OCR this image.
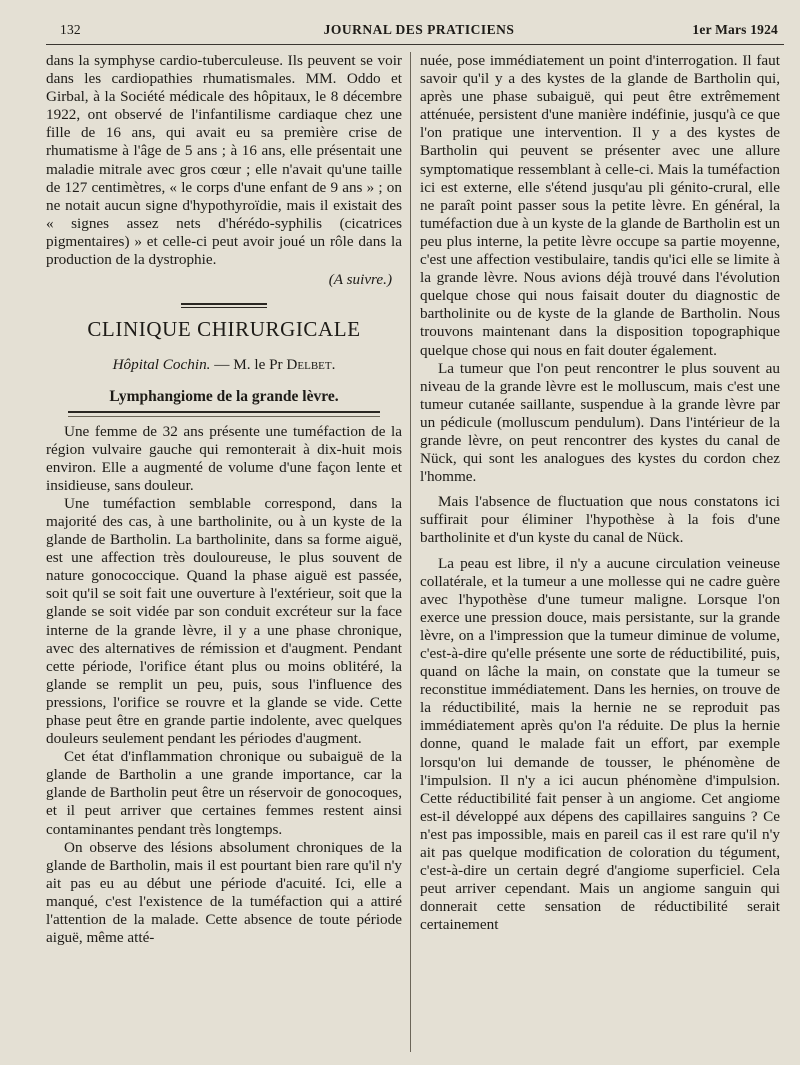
132	JOURNAL DES PRATICIENS	1er Mars 1924

dans la symphyse cardio-tuberculeuse. Ils peuvent se voir dans les cardiopathies rhumatismales. MM. Oddo et Girbal, à la Société médicale des hôpitaux, le 8 décembre 1922, ont observé de l'infantilisme cardiaque chez une fille de 16 ans, qui avait eu sa première crise de rhumatisme à l'âge de 5 ans ; à 16 ans, elle présentait une maladie mitrale avec gros cœur ; elle n'avait qu'une taille de 127 centimètres, « le corps d'une enfant de 9 ans » ; on ne notait aucun signe d'hypothyroïdie, mais il existait des « signes assez nets d'hérédo-syphilis (cicatrices pigmentaires) » et celle-ci peut avoir joué un rôle dans la production de la dystrophie.

(A suivre.)
CLINIQUE CHIRURGICALE
Hôpital Cochin. — M. le Pr Delbet.
Lymphangiome de la grande lèvre.

Une femme de 32 ans présente une tuméfaction de la région vulvaire gauche qui remonterait à dix-huit mois environ. Elle a augmenté de volume d'une façon lente et insidieuse, sans douleur.

Une tuméfaction semblable correspond, dans la majorité des cas, à une bartholinite, ou à un kyste de la glande de Bartholin. La bartholinite, dans sa forme aiguë, est une affection très douloureuse, le plus souvent de nature gonococcique. Quand la phase aiguë est passée, soit qu'il se soit fait une ouverture à l'extérieur, soit que la glande se soit vidée par son conduit excréteur sur la face interne de la grande lèvre, il y a une phase chronique, avec des alternatives de rémission et d'augment. Pendant cette période, l'orifice étant plus ou moins oblitéré, la glande se remplit un peu, puis, sous l'influence des pressions, l'orifice se rouvre et la glande se vide. Cette phase peut être en grande partie indolente, avec quelques douleurs seulement pendant les périodes d'augment.

Cet état d'inflammation chronique ou subaiguë de la glande de Bartholin a une grande importance, car la glande de Bartholin peut être un réservoir de gonocoques, et il peut arriver que certaines femmes restent ainsi contaminantes pendant très longtemps.

On observe des lésions absolument chroniques de la glande de Bartholin, mais il est pourtant bien rare qu'il n'y ait pas eu au début une période d'acuité. Ici, elle a manqué, c'est l'existence de la tuméfaction qui a attiré l'attention de la malade. Cette absence de toute période aiguë, même atté-

nuée, pose immédiatement un point d'interrogation. Il faut savoir qu'il y a des kystes de la glande de Bartholin qui, après une phase subaiguë, qui peut être extrêmement atténuée, persistent d'une manière indéfinie, jusqu'à ce que l'on pratique une intervention. Il y a des kystes de Bartholin qui peuvent se présenter avec une allure symptomatique ressemblant à celle-ci. Mais la tuméfaction ici est externe, elle s'étend jusqu'au pli génito-crural, elle ne paraît point passer sous la petite lèvre. En général, la tuméfaction due à un kyste de la glande de Bartholin est un peu plus interne, la petite lèvre occupe sa partie moyenne, c'est une affection vestibulaire, tandis qu'ici elle se limite à la grande lèvre. Nous avions déjà trouvé dans l'évolution quelque chose qui nous faisait douter du diagnostic de bartholinite ou de kyste de la glande de Bartholin. Nous trouvons maintenant dans la disposition topographique quelque chose qui nous en fait douter également.

La tumeur que l'on peut rencontrer le plus souvent au niveau de la grande lèvre est le molluscum, mais c'est une tumeur cutanée saillante, suspendue à la grande lèvre par un pédicule (molluscum pendulum). Dans l'intérieur de la grande lèvre, on peut rencontrer des kystes du canal de Nück, qui sont les analogues des kystes du cordon chez l'homme.

Mais l'absence de fluctuation que nous constatons ici suffirait pour éliminer l'hypothèse à la fois d'une bartholinite et d'un kyste du canal de Nück.

La peau est libre, il n'y a aucune circulation veineuse collatérale, et la tumeur a une mollesse qui ne cadre guère avec l'hypothèse d'une tumeur maligne. Lorsque l'on exerce une pression douce, mais persistante, sur la grande lèvre, on a l'impression que la tumeur diminue de volume, c'est-à-dire qu'elle présente une sorte de réductibilité, puis, quand on lâche la main, on constate que la tumeur se reconstitue immédiatement. Dans les hernies, on trouve de la réductibilité, mais la hernie ne se reproduit pas immédiatement après qu'on l'a réduite. De plus la hernie donne, quand le malade fait un effort, par exemple lorsqu'on lui demande de tousser, le phénomène de l'impulsion. Il n'y a ici aucun phénomène d'impulsion. Cette réductibilité fait penser à un angiome. Cet angiome est-il développé aux dépens des capillaires sanguins ? Ce n'est pas impossible, mais en pareil cas il est rare qu'il n'y ait pas quelque modification de coloration du tégument, c'est-à-dire un certain degré d'angiome superficiel. Cela peut arriver cependant. Mais un angiome sanguin qui donnerait cette sensation de réductibilité serait certainement
